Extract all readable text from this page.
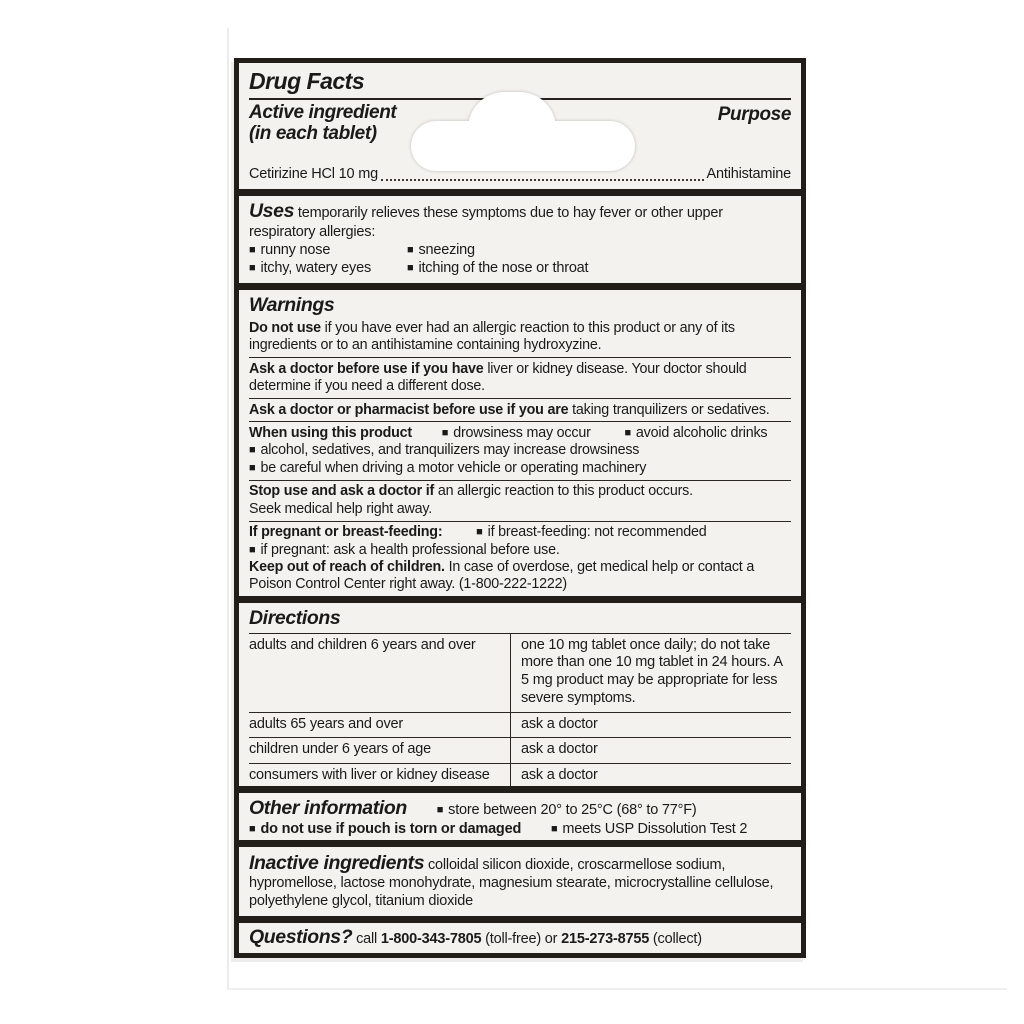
Drug Facts
Active ingredient
(in each tablet)
Purpose
Cetirizine HCl 10 mg	Antihistamine
Uses temporarily relieves these symptoms due to hay fever or other upper respiratory allergies:
■ runny nose	■ sneezing
■ itchy, watery eyes	■ itching of the nose or throat
Warnings
Do not use if you have ever had an allergic reaction to this product or any of its ingredients or to an antihistamine containing hydroxyzine.
Ask a doctor before use if you have liver or kidney disease. Your doctor should determine if you need a different dose.
Ask a doctor or pharmacist before use if you are taking tranquilizers or sedatives.
When using this product	■ drowsiness may occur	■ avoid alcoholic drinks
■ alcohol, sedatives, and tranquilizers may increase drowsiness
■ be careful when driving a motor vehicle or operating machinery
Stop use and ask a doctor if an allergic reaction to this product occurs.
Seek medical help right away.
If pregnant or breast-feeding:	■ if breast-feeding: not recommended
■ if pregnant: ask a health professional before use.
Keep out of reach of children. In case of overdose, get medical help or contact a Poison Control Center right away. (1-800-222-1222)
Directions
adults and children 6 years and over	one 10 mg tablet once daily; do not take more than one 10 mg tablet in 24 hours. A 5 mg product may be appropriate for less severe symptoms.
adults 65 years and over	ask a doctor
children under 6 years of age	ask a doctor
consumers with liver or kidney disease	ask a doctor
Other information	■ store between 20° to 25°C (68° to 77°F)
■ do not use if pouch is torn or damaged	■ meets USP Dissolution Test 2
Inactive ingredients colloidal silicon dioxide, croscarmellose sodium, hypromellose, lactose monohydrate, magnesium stearate, microcrystalline cellulose, polyethylene glycol, titanium dioxide
Questions? call 1-800-343-7805 (toll-free) or 215-273-8755 (collect)
